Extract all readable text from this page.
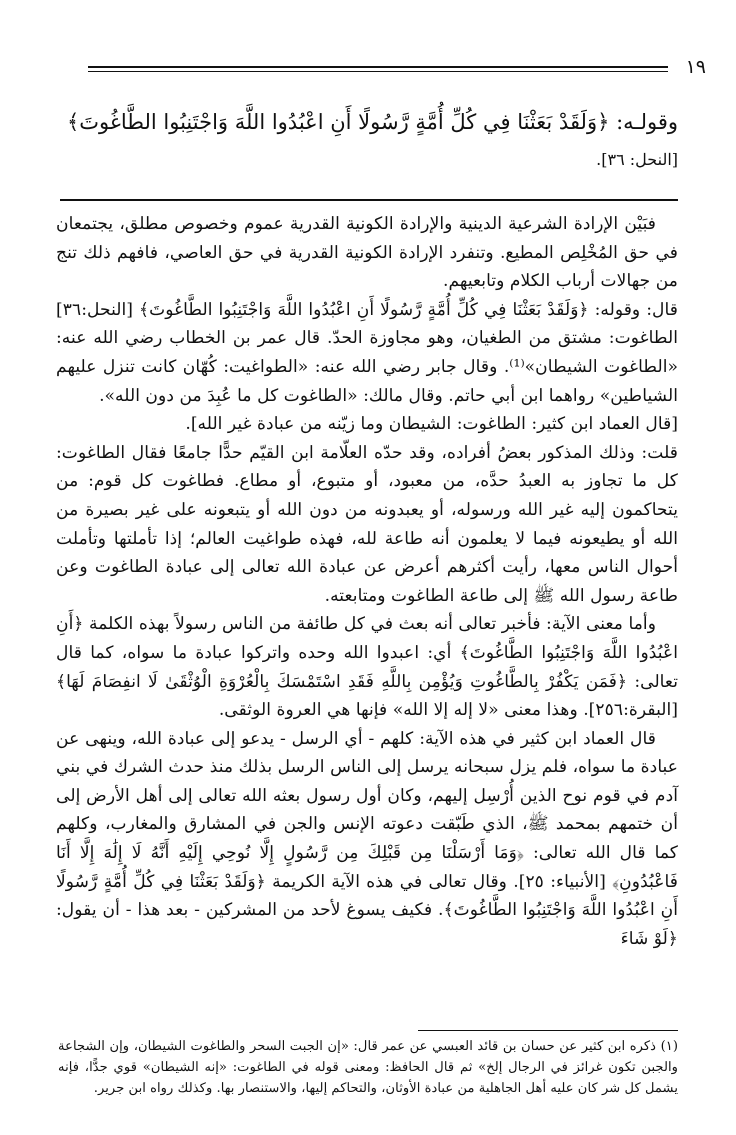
١٩
وقولـه: ﴿وَلَقَدْ بَعَثْنَا فِي كُلِّ أُمَّةٍ رَّسُولًا أَنِ اعْبُدُوا اللَّهَ وَاجْتَنِبُوا الطَّاغُوتَ﴾
[النحل: ٣٦].

فبَيْن الإرادة الشرعية الدينية والإرادة الكونية القدرية عموم وخصوص مطلق، يجتمعان في حق المُخْلِص المطيع. وتنفرد الإرادة الكونية القدرية في حق العاصي، فافهم ذلك تنج من جهالات أرباب الكلام وتابعيهم.

قال: وقوله: ﴿وَلَقَدْ بَعَثْنَا فِي كُلِّ أُمَّةٍ رَّسُولًا أَنِ اعْبُدُوا اللَّهَ وَاجْتَنِبُوا الطَّاغُوتَ﴾ [النحل:٣٦] الطاغوت: مشتق من الطغيان، وهو مجاوزة الحدّ. قال عمر بن الخطاب رضي الله عنه: «الطاغوت الشيطان»⁽¹⁾. وقال جابر رضي الله عنه: «الطواغيت: كُهّان كانت تنزل عليهم الشياطين» رواهما ابن أبي حاتم. وقال مالك: «الطاغوت كل ما عُبِدَ من دون الله».

[قال العماد ابن كثير: الطاغوت: الشيطان وما زيّنه من عبادة غير الله].

قلت: وذلك المذكور بعضُ أفراده، وقد حدّه العلّامة ابن القيّم حدًّا جامعًا فقال الطاغوت: كل ما تجاوز به العبدُ حدَّه، من معبود، أو متبوع، أو مطاع. فطاغوت كل قوم: من يتحاكمون إليه غير الله ورسوله، أو يعبدونه من دون الله أو يتبعونه على غير بصيرة من الله أو يطيعونه فيما لا يعلمون أنه طاعة لله، فهذه طواغيت العالم؛ إذا تأملتها وتأملت أحوال الناس معها، رأيت أكثرهم أعرض عن عبادة الله تعالى إلى عبادة الطاغوت وعن طاعة رسول الله ﷺ إلى طاعة الطاغوت ومتابعته.

وأما معنى الآية: فأخبر تعالى أنه بعث في كل طائفة من الناس رسولاً بهذه الكلمة ﴿أَنِ اعْبُدُوا اللَّهَ وَاجْتَنِبُوا الطَّاغُوتَ﴾ أي: اعبدوا الله وحده واتركوا عبادة ما سواه، كما قال تعالى: ﴿فَمَن يَكْفُرْ بِالطَّاغُوتِ وَيُؤْمِن بِاللَّهِ فَقَدِ اسْتَمْسَكَ بِالْعُرْوَةِ الْوُثْقَىٰ لَا انفِصَامَ لَهَا﴾ [البقرة:٢٥٦]. وهذا معنى «لا إله إلا الله» فإنها هي العروة الوثقى.

قال العماد ابن كثير في هذه الآية: كلهم - أي الرسل - يدعو إلى عبادة الله، وينهى عن عبادة ما سواه، فلم يزل سبحانه يرسل إلى الناس الرسل بذلك منذ حدث الشرك في بني آدم في قوم نوح الذين أُرْسِل إليهم، وكان أول رسول بعثه الله تعالى إلى أهل الأرض إلى أن ختمهم بمحمد ﷺ، الذي طَبّقت دعوته الإنس والجن في المشارق والمغارب، وكلهم كما قال الله تعالى: ﴿وَمَا أَرْسَلْنَا مِن قَبْلِكَ مِن رَّسُولٍ إِلَّا نُوحِي إِلَيْهِ أَنَّهُ لَا إِلَٰهَ إِلَّا أَنَا فَاعْبُدُونِ﴾ [الأنبياء: ٢٥]. وقال تعالى في هذه الآية الكريمة ﴿وَلَقَدْ بَعَثْنَا فِي كُلِّ أُمَّةٍ رَّسُولًا أَنِ اعْبُدُوا اللَّهَ وَاجْتَنِبُوا الطَّاغُوتَ﴾. فكيف يسوغ لأحد من المشركين - بعد هذا - أن يقول: ﴿لَوْ شَاءَ

(١) ذكره ابن كثير عن حسان بن قائد العبسي عن عمر قال: «إن الجبت السحر والطاغوت الشيطان، وإن الشجاعة والجبن تكون غرائز في الرجال إلخ» ثم قال الحافظ: ومعنى قوله في الطاغوت: «إنه الشيطان» قوي جدًّا، فإنه يشمل كل شر كان عليه أهل الجاهلية من عبادة الأوثان، والتحاكم إليها، والاستنصار بها. وكذلك رواه ابن جرير.
